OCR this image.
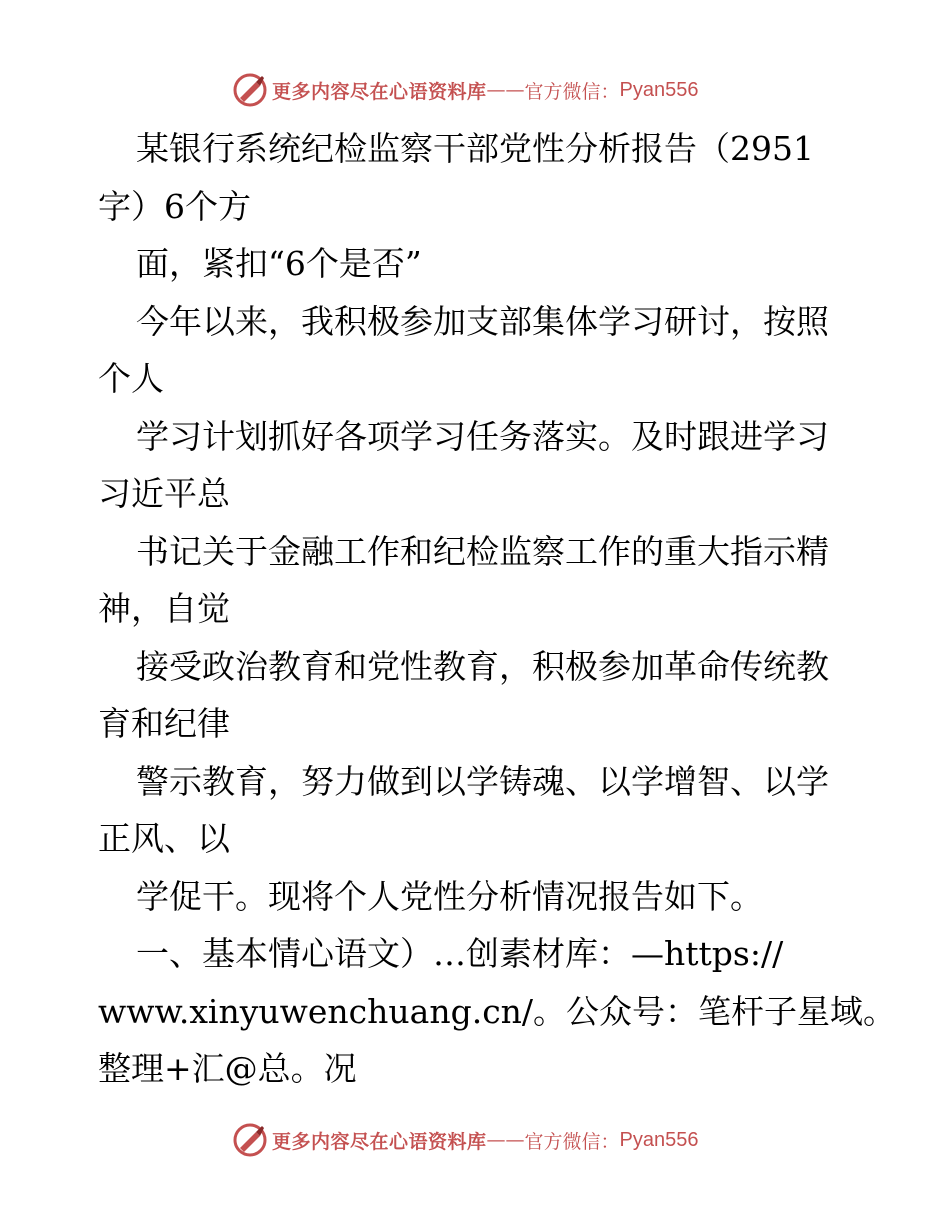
更多内容尽在心语资料库 —— 官方微信： Pyan556
某银行系统纪检监察干部党性分析报告（2951
字）6个方
面，紧扣“6个是否”
今年以来，我积极参加支部集体学习研讨，按照
个人
学习计划抓好各项学习任务落实。及时跟进学习
习近平总
书记关于金融工作和纪检监察工作的重大指示精
神，自觉
接受政治教育和党性教育，积极参加革命传统教
育和纪律
警示教育，努力做到以学铸魂、以学增智、以学
正风、以
学促干。现将个人党性分析情况报告如下。
一、基本情心语文）…创素材库：—https://
www.xinyuwenchuang.cn/。公众号：笔杆子星域。
整理+汇@总。况
更多内容尽在心语资料库 —— 官方微信： Pyan556
